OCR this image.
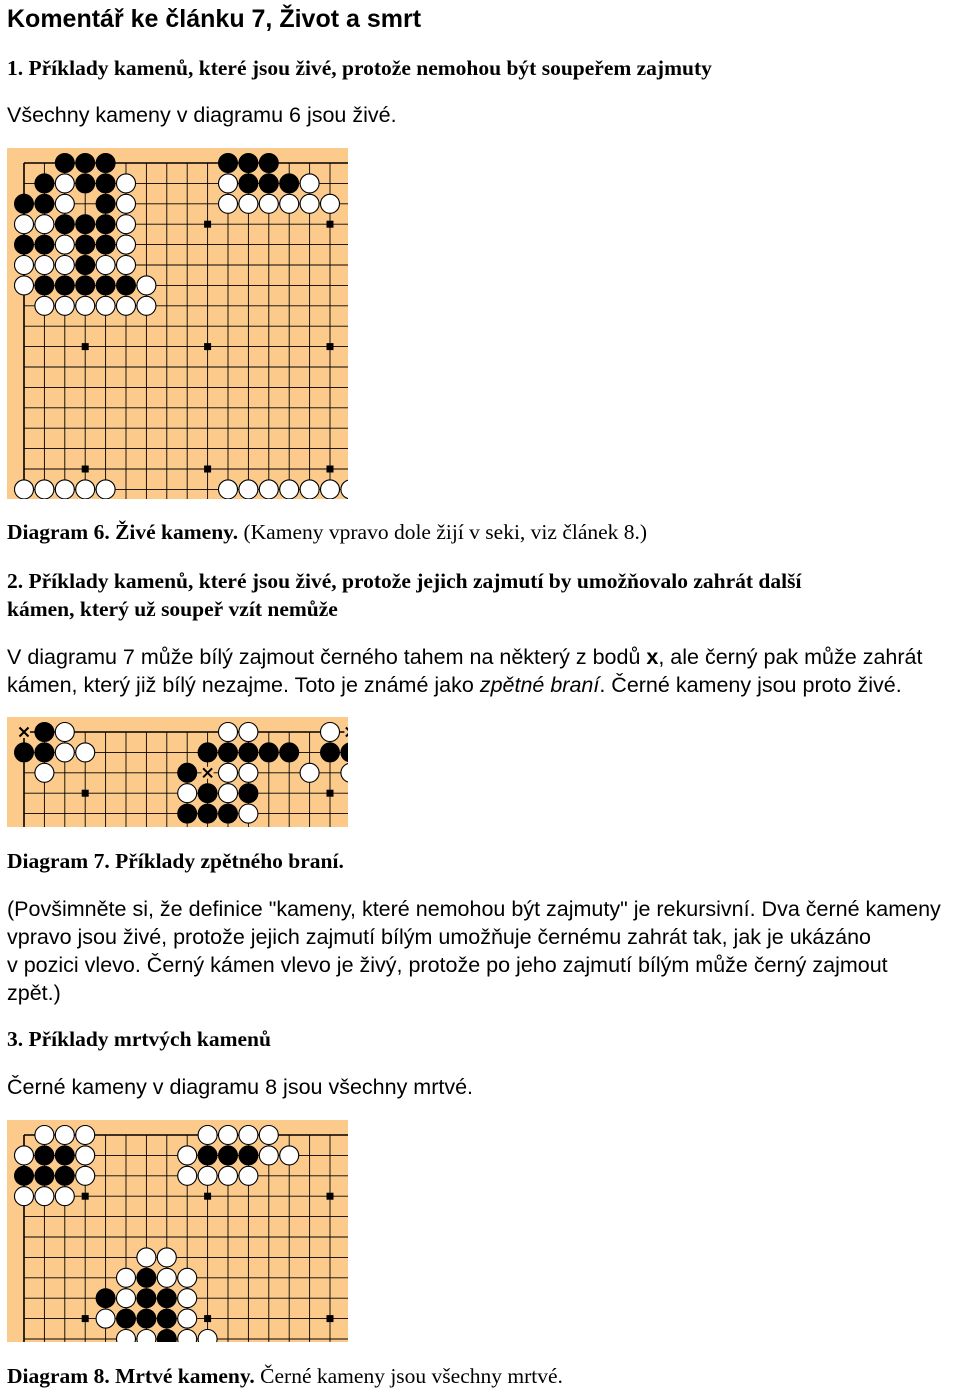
Komentář ke článku 7, Život a smrt
1. Příklady kamenů, které jsou živé, protože nemohou být soupeřem zajmuty
Všechny kameny v diagramu 6 jsou živé.
Diagram 6. Živé kameny. (Kameny vpravo dole žijí v seki, viz článek 8.)
2. Příklady kamenů, které jsou živé, protože jejich zajmutí by umožňovalo zahrát další
kámen, který už soupeř vzít nemůže
V diagramu 7 může bílý zajmout černého tahem na některý z bodů x, ale černý pak může zahrát
kámen, který již bílý nezajme. Toto je známé jako zpětné braní. Černé kameny jsou proto živé.
Diagram 7. Příklady zpětného braní.
(Povšimněte si, že definice "kameny, které nemohou být zajmuty" je rekursivní. Dva černé kameny
vpravo jsou živé, protože jejich zajmutí bílým umožňuje černému zahrát tak, jak je ukázáno
v pozici vlevo. Černý kámen vlevo je živý, protože po jeho zajmutí bílým může černý zajmout
zpět.)
3. Příklady mrtvých kamenů
Černé kameny v diagramu 8 jsou všechny mrtvé.
Diagram 8. Mrtvé kameny. Černé kameny jsou všechny mrtvé.
